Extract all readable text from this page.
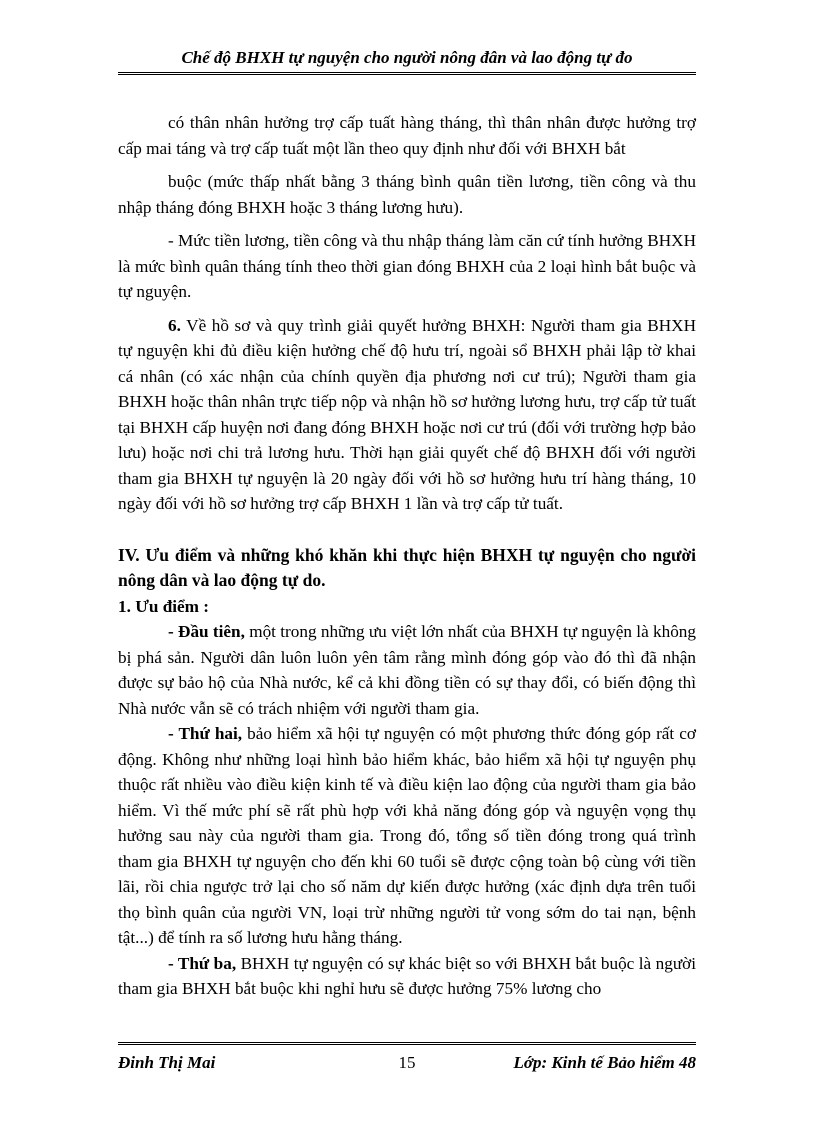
Chế độ BHXH tự nguyện cho người nông đân và lao động tự đo

có thân nhân hưởng trợ cấp tuất hàng tháng, thì thân nhân được hưởng trợ cấp mai táng và trợ cấp tuất một lần theo quy định như đối với BHXH bắt

buộc (mức thấp nhất bằng 3 tháng bình quân tiền lương, tiền công và thu nhập tháng đóng BHXH hoặc 3 tháng lương hưu).

- Mức tiền lương, tiền công và thu nhập tháng làm căn cứ tính hưởng BHXH là mức bình quân tháng tính theo thời gian đóng BHXH của 2 loại hình bắt buộc và tự nguyện.

6. Về hồ sơ và quy trình giải quyết hưởng BHXH: Người tham gia BHXH tự nguyện khi đủ điều kiện hưởng chế độ hưu trí, ngoài sổ BHXH phải lập tờ khai cá nhân (có xác nhận của chính quyền địa phương nơi cư trú); Người tham gia BHXH hoặc thân nhân trực tiếp nộp và nhận hồ sơ hưởng lương hưu, trợ cấp tử tuất tại BHXH cấp huyện nơi đang đóng BHXH hoặc nơi cư trú (đối với trường hợp bảo lưu) hoặc nơi chi trả lương hưu. Thời hạn giải quyết chế độ BHXH đối với người tham gia BHXH tự nguyện là 20 ngày đối với hồ sơ hưởng hưu trí hàng tháng, 10 ngày đối với hồ sơ hưởng trợ cấp BHXH 1 lần và trợ cấp tử tuất.

IV. Ưu điểm và những khó khăn khi thực hiện BHXH tự nguyện cho người nông dân và lao động tự do.

1. Ưu điểm :

- Đầu tiên, một trong những ưu việt lớn nhất của BHXH tự nguyện là không bị phá sản. Người dân luôn luôn yên tâm rằng mình đóng góp vào đó thì đã nhận được sự bảo hộ của Nhà nước, kể cả khi đồng tiền có sự thay đổi, có biến động thì Nhà nước vẫn sẽ có trách nhiệm với người tham gia.

- Thứ hai, bảo hiểm xã hội tự nguyện có một phương thức đóng góp rất cơ động. Không như những loại hình bảo hiểm khác, bảo hiểm xã hội tự nguyện phụ thuộc rất nhiều vào điều kiện kinh tế và điều kiện lao động của người tham gia bảo hiểm. Vì thế mức phí sẽ rất phù hợp với khả năng đóng góp và nguyện vọng thụ hưởng sau này của người tham gia. Trong đó, tổng số tiền đóng trong quá trình tham gia BHXH tự nguyện cho đến khi 60 tuổi sẽ được cộng toàn bộ cùng với tiền lãi, rồi chia ngược trở lại cho số năm dự kiến được hưởng (xác định dựa trên tuổi thọ bình quân của người VN, loại trừ những người tử vong sớm do tai nạn, bệnh tật...) để tính ra số lương hưu hằng tháng.

- Thứ ba, BHXH tự nguyện có sự khác biệt so với BHXH bắt buộc là người tham gia BHXH bắt buộc khi nghỉ hưu sẽ được hưởng 75% lương cho

Đinh Thị Mai	15	Lớp: Kinh tế Bảo hiểm 48
